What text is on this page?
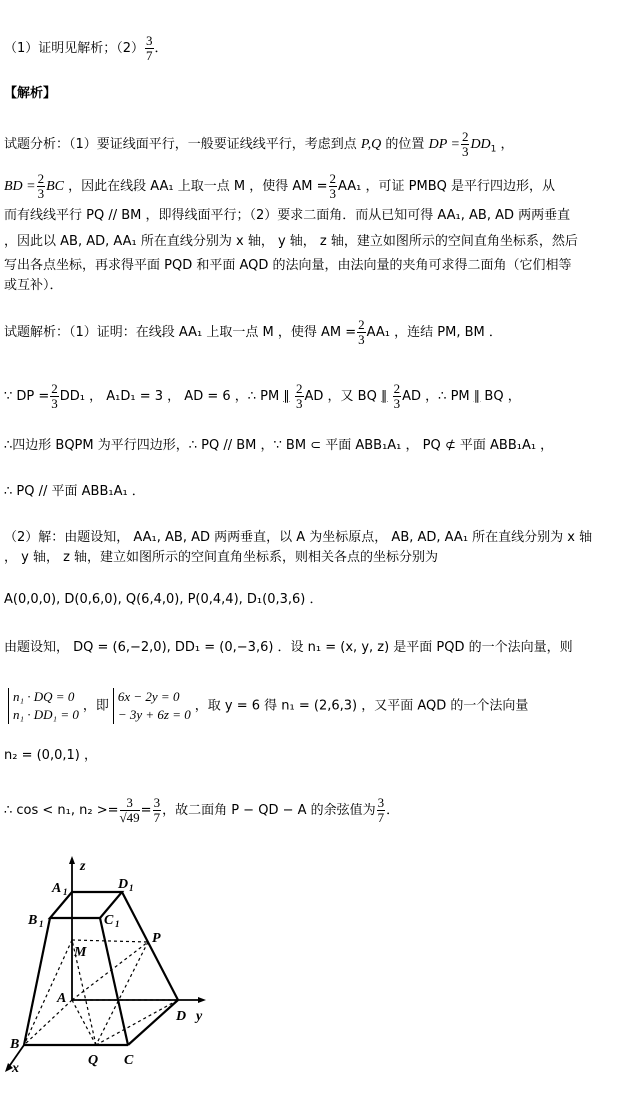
（1）证明见解析；$(2) \frac{3}{7}$ ．
【解析】
试题分析：（1）要证线面平行，一般要证线线平行，考虑到点 P,Q 的位置 DP = $\frac{2}{3} DD_1$ ，
BD = $\frac{2}{3}$ BC ，因此在线段 AA₁ 上取一点 M ，使得 AM = $\frac{2}{3} AA_1$ ，可证 PMBQ 是平行四边形，从
而有线线平行 PQ // BM ，即得线面平行；（2）要求二面角．而从已知可得 AA₁, AB, AD 两两垂直
，因此以 AB, AD, AA₁ 所在直线分别为 x 轴， y 轴， z 轴，建立如图所示的空间直角坐标系，然后
写出各点坐标，再求得平面 PQD 和平面 AQD 的法向量，由法向量的夹角可求得二面角（它们相等
或互补）．
试题解析：（1）证明：在线段 AA₁ 上取一点 M ，使得 AM = $\frac{2}{3} AA_1$ ，连结 PM, BM ．
∵ DP = $\frac{2}{3} DD_1$ ， A₁D₁ = 3 ， AD = 6 ，∴ PM ∥ $\frac{2}{3}$ AD ，又 BQ ∥ $\frac{2}{3}$ AD ，∴ PM ∥ BQ ，
∴四边形 BQPM 为平行四边形，∴ PQ // BM ，∵ BM ⊂ 平面 ABB₁A₁ ， PQ ⊄ 平面 ABB₁A₁ ，
∴ PQ // 平面 ABB₁A₁ ．
（2）解：由题设知， AA₁, AB, AD 两两垂直，以 A 为坐标原点， AB, AD, AA₁ 所在直线分别为 x 轴
， y 轴， z 轴，建立如图所示的空间直角坐标系，则相关各点的坐标分别为
A(0,0,0), D(0,6,0), Q(6,4,0), P(0,4,4), D₁(0,3,6) ．
由题设知， DQ = (6,−2,0), DD₁ = (0,−3,6) ．设 n₁ = (x, y, z) 是平面 PQD 的一个法向量，则
n₁ · DQ = 0
n₁ · DD₁ = 0
，即
6x − 2y = 0
− 3y + 6z = 0
，取 y = 6 得 n₁ = (2,6,3) ，又平面 AQD 的一个法向量
n₂ = (0,0,1) ，
∴ cos < n₁, $n_2 >= \frac{3}{√49} = \frac{3}{7}$ ，故二面角 P − QD − A 的余弦值为 $\frac{3}{7}$ ．
z
A 1	D 1
B 1	C 1
P
M
A
D y
B
Q C
x
